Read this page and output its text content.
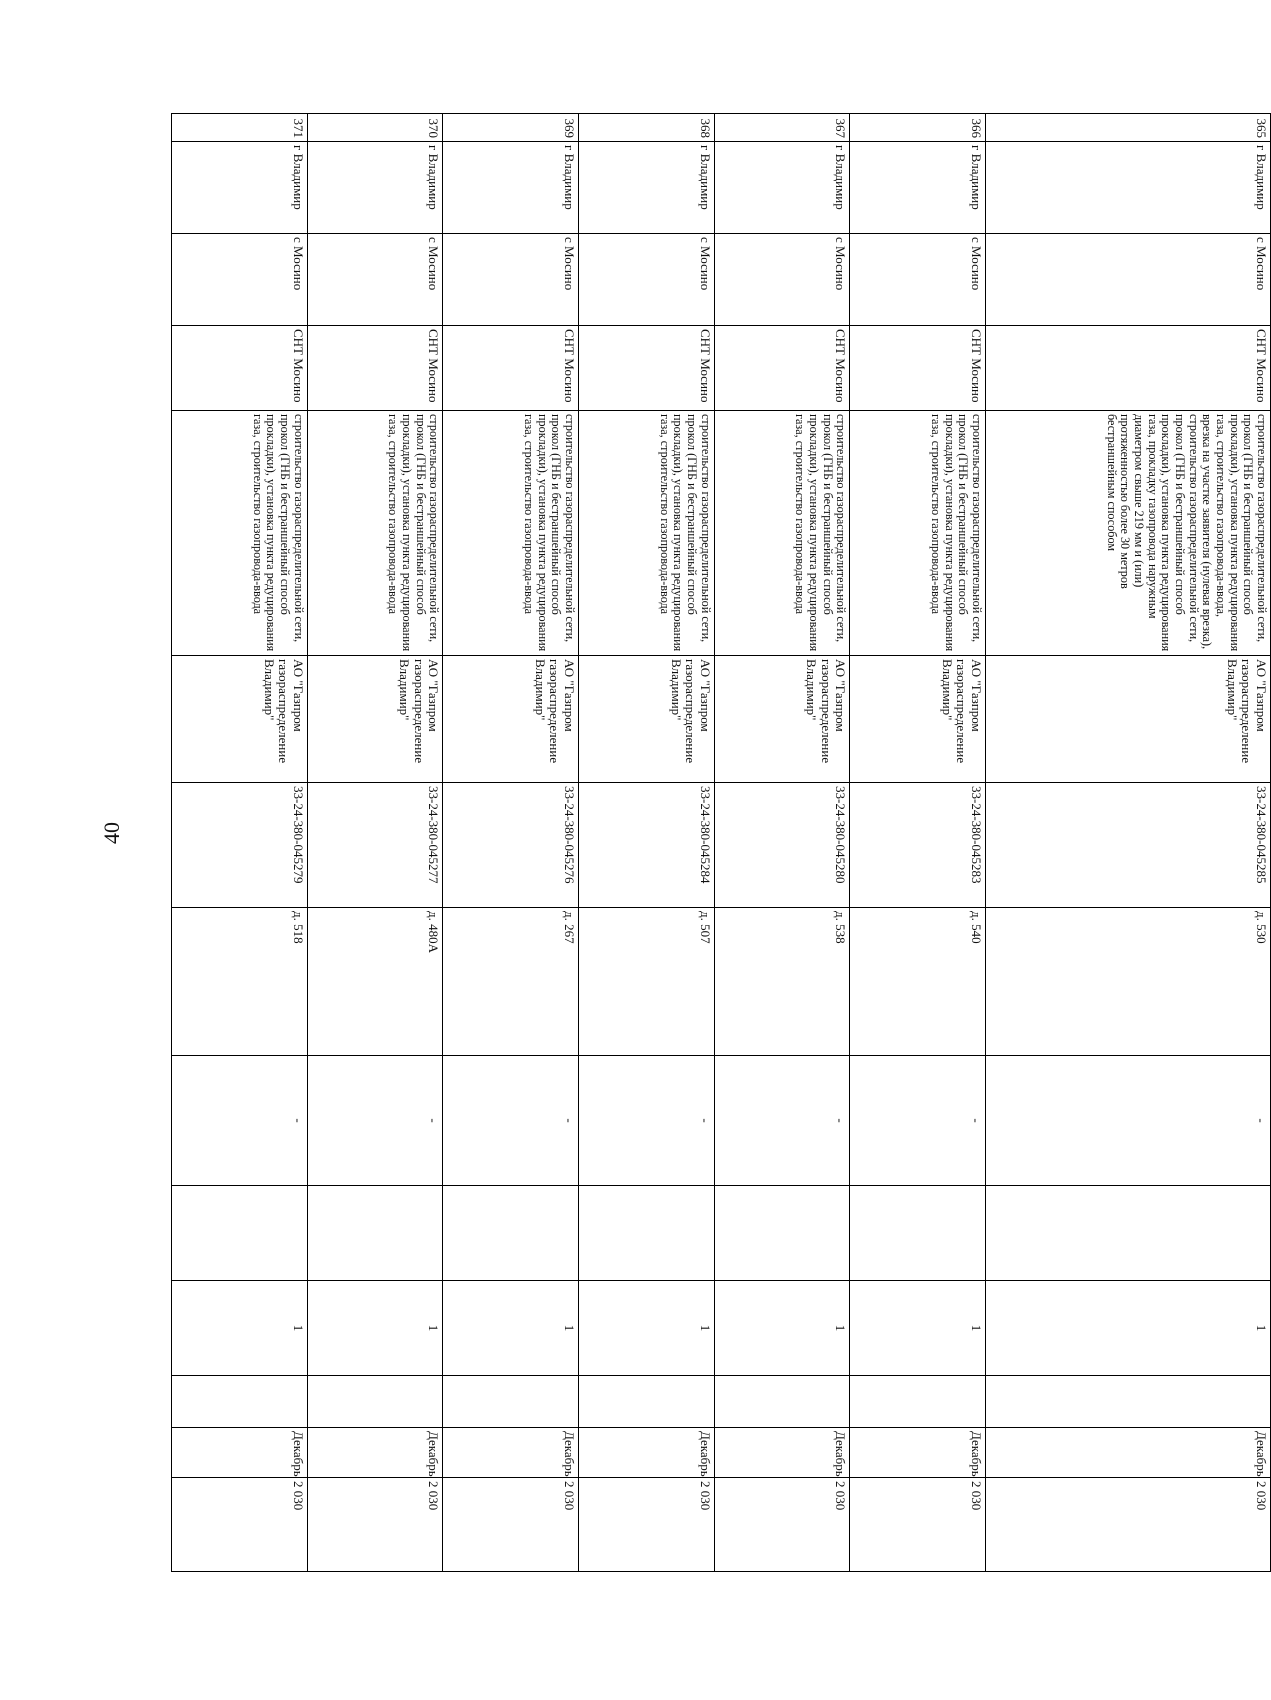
40
365	г Владимир	с Мосино	СНТ Мосино	строительство газораспределительной сети, прокол (ГНБ и бестраншейный способ прокладки), установка пункта редуцирования газа, строительство газопровода-ввода, врезка на участке заявителя (нулевая врезка), строительство газораспределительной сети, прокол (ГНБ и бестраншейный способ прокладки), установка пункта редуцирования газа, прокладку газопровода наружным диаметром свыше 219 мм и (или) протяженностью более 30 метров бестраншейным способом	АО "Газпром газораспределение Владимир"	33-24-380-045285	д. 530	-		1		Декабрь	2 030
366	г Владимир	с Мосино	СНТ Мосино	строительство газораспределительной сети, прокол (ГНБ и бестраншейный способ прокладки), установка пункта редуцирования газа, строительство газопровода-ввода	АО "Газпром газораспределение Владимир"	33-24-380-045283	д. 540	-		1		Декабрь	2 030
367	г Владимир	с Мосино	СНТ Мосино	строительство газораспределительной сети, прокол (ГНБ и бестраншейный способ прокладки), установка пункта редуцирования газа, строительство газопровода-ввода	АО "Газпром газораспределение Владимир"	33-24-380-045280	д. 538	-		1		Декабрь	2 030
368	г Владимир	с Мосино	СНТ Мосино	строительство газораспределительной сети, прокол (ГНБ и бестраншейный способ прокладки), установка пункта редуцирования газа, строительство газопровода-ввода	АО "Газпром газораспределение Владимир"	33-24-380-045284	д. 507	-		1		Декабрь	2 030
369	г Владимир	с Мосино	СНТ Мосино	строительство газораспределительной сети, прокол (ГНБ и бестраншейный способ прокладки), установка пункта редуцирования газа, строительство газопровода-ввода	АО "Газпром газораспределение Владимир"	33-24-380-045276	д. 267	-		1		Декабрь	2 030
370	г Владимир	с Мосино	СНТ Мосино	строительство газораспределительной сети, прокол (ГНБ и бестраншейный способ прокладки), установка пункта редуцирования газа, строительство газопровода-ввода	АО "Газпром газораспределение Владимир"	33-24-380-045277	д. 480А	-		1		Декабрь	2 030
371	г Владимир	с Мосино	СНТ Мосино	строительство газораспределительной сети, прокол (ГНБ и бестраншейный способ прокладки), установка пункта редуцирования газа, строительство газопровода-ввода	АО "Газпром газораспределение Владимир"	33-24-380-045279	д. 518	-		1		Декабрь	2 030
